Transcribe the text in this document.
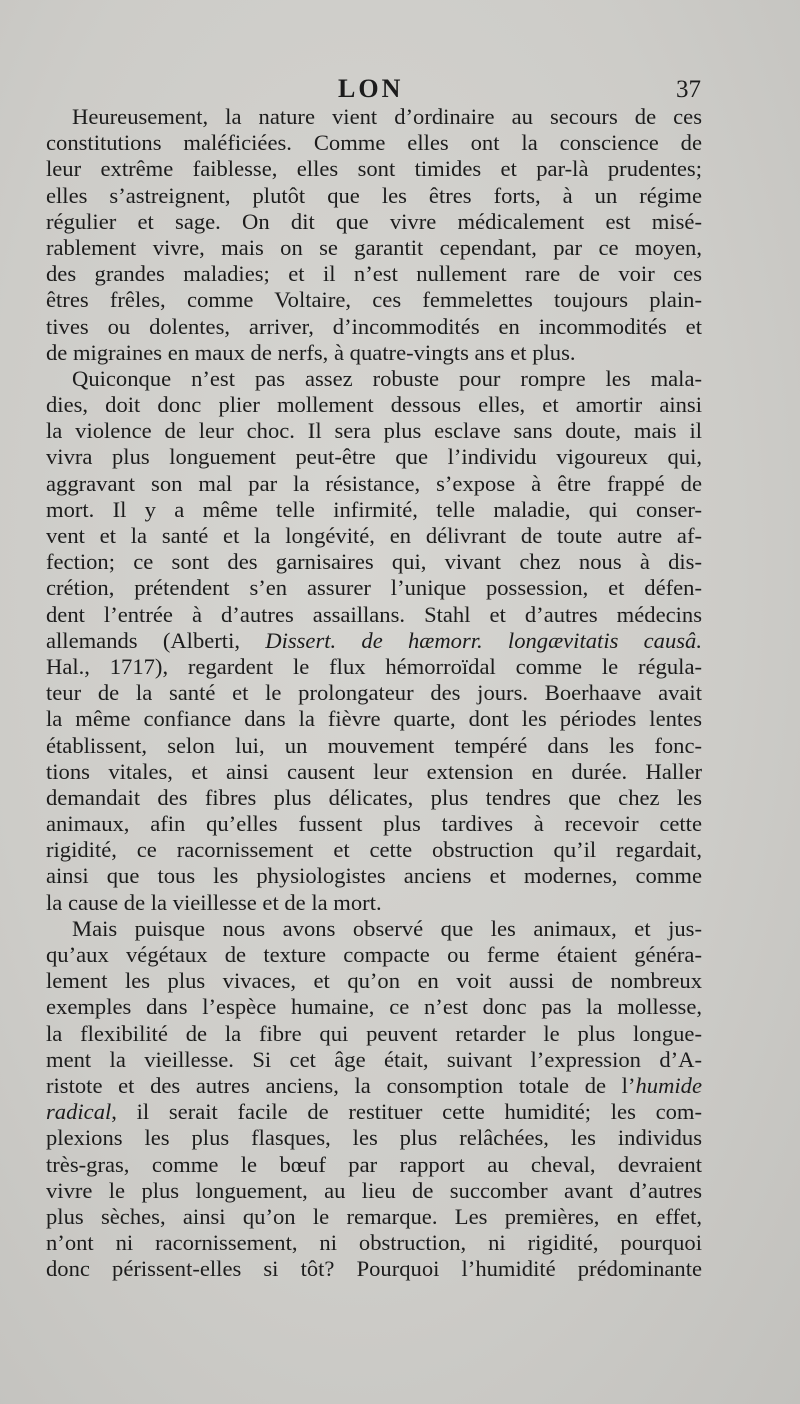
LON	37
Heureusement, la nature vient d’ordinaire au secours de ces
constitutions maléficiées. Comme elles ont la conscience de
leur extrême faiblesse, elles sont timides et par-là prudentes;
elles s’astreignent, plutôt que les êtres forts, à un régime
régulier et sage. On dit que vivre médicalement est misé-
rablement vivre, mais on se garantit cependant, par ce moyen,
des grandes maladies; et il n’est nullement rare de voir ces
êtres frêles, comme Voltaire, ces femmelettes toujours plain-
tives ou dolentes, arriver, d’incommodités en incommodités et
de migraines en maux de nerfs, à quatre-vingts ans et plus.
Quiconque n’est pas assez robuste pour rompre les mala-
dies, doit donc plier mollement dessous elles, et amortir ainsi
la violence de leur choc. Il sera plus esclave sans doute, mais il
vivra plus longuement peut-être que l’individu vigoureux qui,
aggravant son mal par la résistance, s’expose à être frappé de
mort. Il y a même telle infirmité, telle maladie, qui conser-
vent et la santé et la longévité, en délivrant de toute autre af-
fection; ce sont des garnisaires qui, vivant chez nous à dis-
crétion, prétendent s’en assurer l’unique possession, et défen-
dent l’entrée à d’autres assaillans. Stahl et d’autres médecins
allemands (Alberti, Dissert. de hæmorr. longævitatis causâ.
Hal., 1717), regardent le flux hémorroïdal comme le régula-
teur de la santé et le prolongateur des jours. Boerhaave avait
la même confiance dans la fièvre quarte, dont les périodes lentes
établissent, selon lui, un mouvement tempéré dans les fonc-
tions vitales, et ainsi causent leur extension en durée. Haller
demandait des fibres plus délicates, plus tendres que chez les
animaux, afin qu’elles fussent plus tardives à recevoir cette
rigidité, ce racornissement et cette obstruction qu’il regardait,
ainsi que tous les physiologistes anciens et modernes, comme
la cause de la vieillesse et de la mort.
Mais puisque nous avons observé que les animaux, et jus-
qu’aux végétaux de texture compacte ou ferme étaient généra-
lement les plus vivaces, et qu’on en voit aussi de nombreux
exemples dans l’espèce humaine, ce n’est donc pas la mollesse,
la flexibilité de la fibre qui peuvent retarder le plus longue-
ment la vieillesse. Si cet âge était, suivant l’expression d’A-
ristote et des autres anciens, la consomption totale de l’humide
radical, il serait facile de restituer cette humidité; les com-
plexions les plus flasques, les plus relâchées, les individus
très-gras, comme le bœuf par rapport au cheval, devraient
vivre le plus longuement, au lieu de succomber avant d’autres
plus sèches, ainsi qu’on le remarque. Les premières, en effet,
n’ont ni racornissement, ni obstruction, ni rigidité, pourquoi
donc périssent-elles si tôt? Pourquoi l’humidité prédominante
